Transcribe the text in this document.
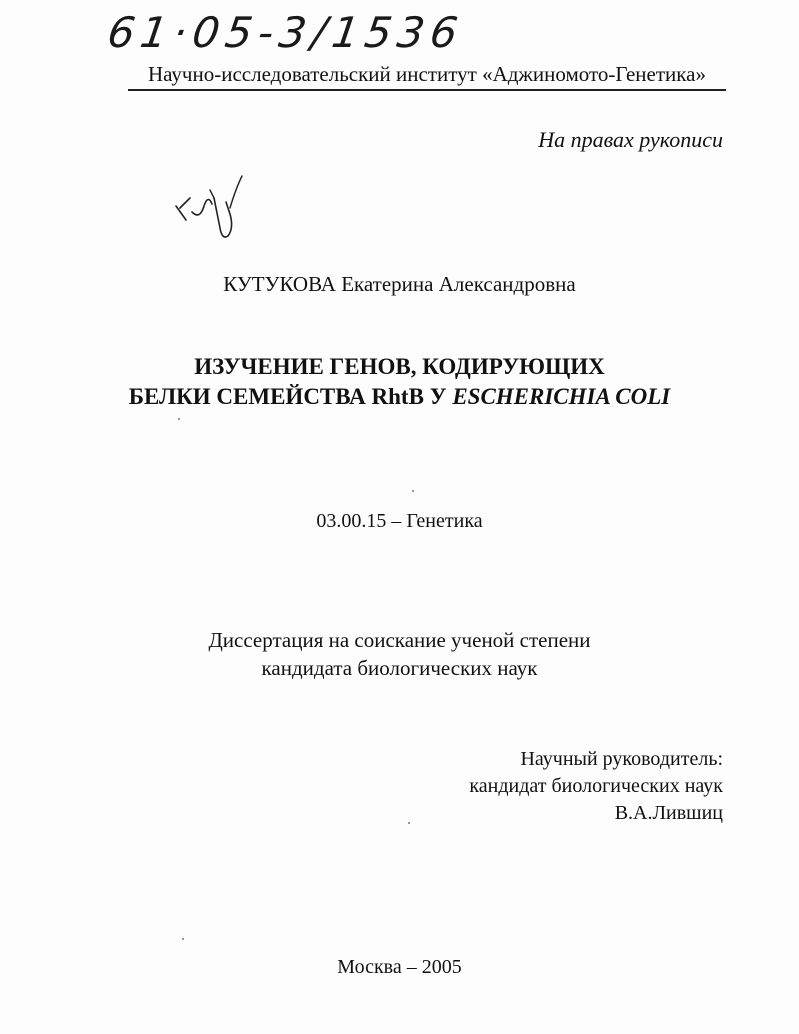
61·05-3/1536
Научно-исследовательский институт «Аджиномото-Генетика»
На правах рукописи
КУТУКОВА Екатерина Александровна
ИЗУЧЕНИЕ ГЕНОВ, КОДИРУЮЩИХ
БЕЛКИ СЕМЕЙСТВА RhtB У ESCHERICHIA COLI
03.00.15 – Генетика
Диссертация на соискание ученой степени
кандидата биологических наук
Научный руководитель:
кандидат биологических наук
В.А.Лившиц
Москва – 2005
